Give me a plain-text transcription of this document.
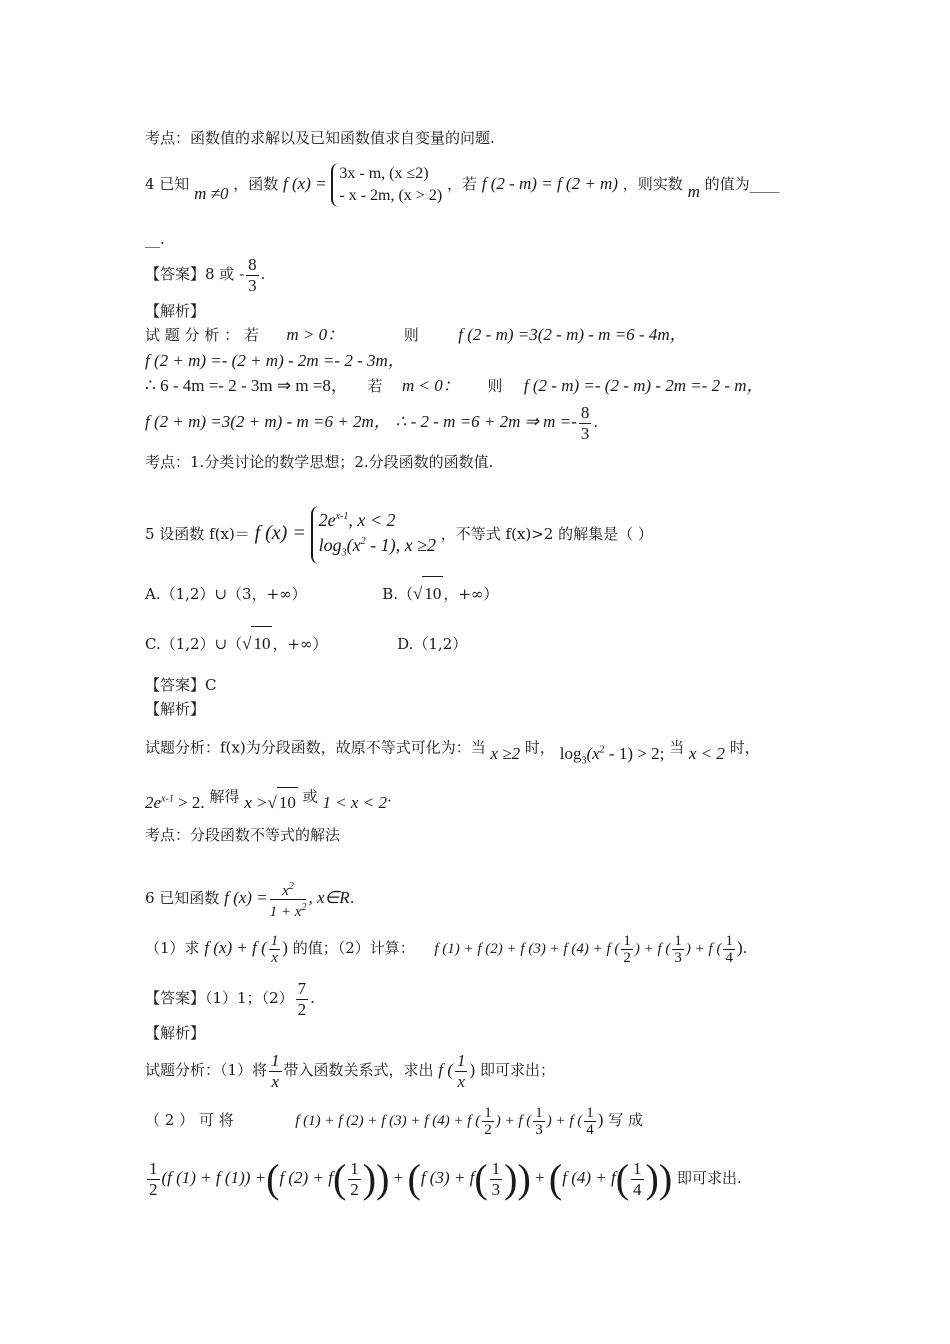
考点：函数值的求解以及已知函数值求自变量的问题.
4 已知 m ≠0 ，函数 f (x) =
3x - m, (x ≤2)
- x - 2m, (x > 2)
，若 f (2 - m) = f (2 + m) ，则实数 m 的值为____
__.
【答案】8 或 - $\frac{8}{3}$ .
【解析】
试 题 分 析 ： 若 m > 0：	则 f (2 - m) =3(2 - m) - m =6 - 4m，
f (2 + m) =- (2 + m) - 2m =- 2 - 3m，
∴ 6 - 4m =- 2 - 3m ⇒ m =8， 若 m < 0： 则 f (2 - m) =- (2 - m) - 2m =- 2 - m，
f (2 + m) =3(2 + m) - m =6 + 2m， ∴ - 2 - m =6 + 2m ⇒ $m =- \frac{8}{3}$ .
考点：1.分类讨论的数学思想；2.分段函数的函数值.
5 设函数 f(x)＝ f (x) =
$2e^{x-1}$, x < 2
$\log_3(x^2 - 1)$, x ≥2
，不等式 f(x)>2 的解集是（ ）
A.（1,2）∪（3，+∞）	B.（√ 10 ，+∞）
C.（1,2）∪（√ 10 ，+∞）	D.（1,2）
【答案】C
【解析】
试题分析：f(x)为分段函数，故原不等式可化为：当 x ≥2 时， $\log_3(x^2 - 1) > 2$; 当 x < 2 时，
$2e^{x-1} > 2$. 解得 x >√ 10 或 1 < x < 2.
考点：分段函数不等式的解法
6 已知函数 f $(x) = \frac{x^2}{1 + x^2}$ , x∈R.
（1）求 f (x) + f ( $\frac{1}{x}$ ) 的值；（2）计算： f (1) + f (2) + f (3) + f (4) + f ( $\frac{1}{2}$ ) + f ( $\frac{1}{3}$ ) + f ( $\frac{1}{4}$ ).
【答案】（1）1；$(2) \frac{7}{2}$ .
【解析】
试题分析：（1）将 $\frac{1}{x}$ 带入函数关系式，求出 f ( $\frac{1}{x}$ ) 即可求出；
（ 2 ） 可 将	f (1) + f (2) + f (3) + f (4) + f ( $\frac{1}{2}$ ) + f ( $\frac{1}{3}$ ) + f ( $\frac{1}{4}$ ) 写 成
$\frac{1}{2} (f$ (1) + f (1)) +(f $(2) + f( \frac{1}{2}$ )) + (f $(3) + f( \frac{1}{3}$ )) + (f $(4) + f( \frac{1}{4}$ )) 即可求出.
